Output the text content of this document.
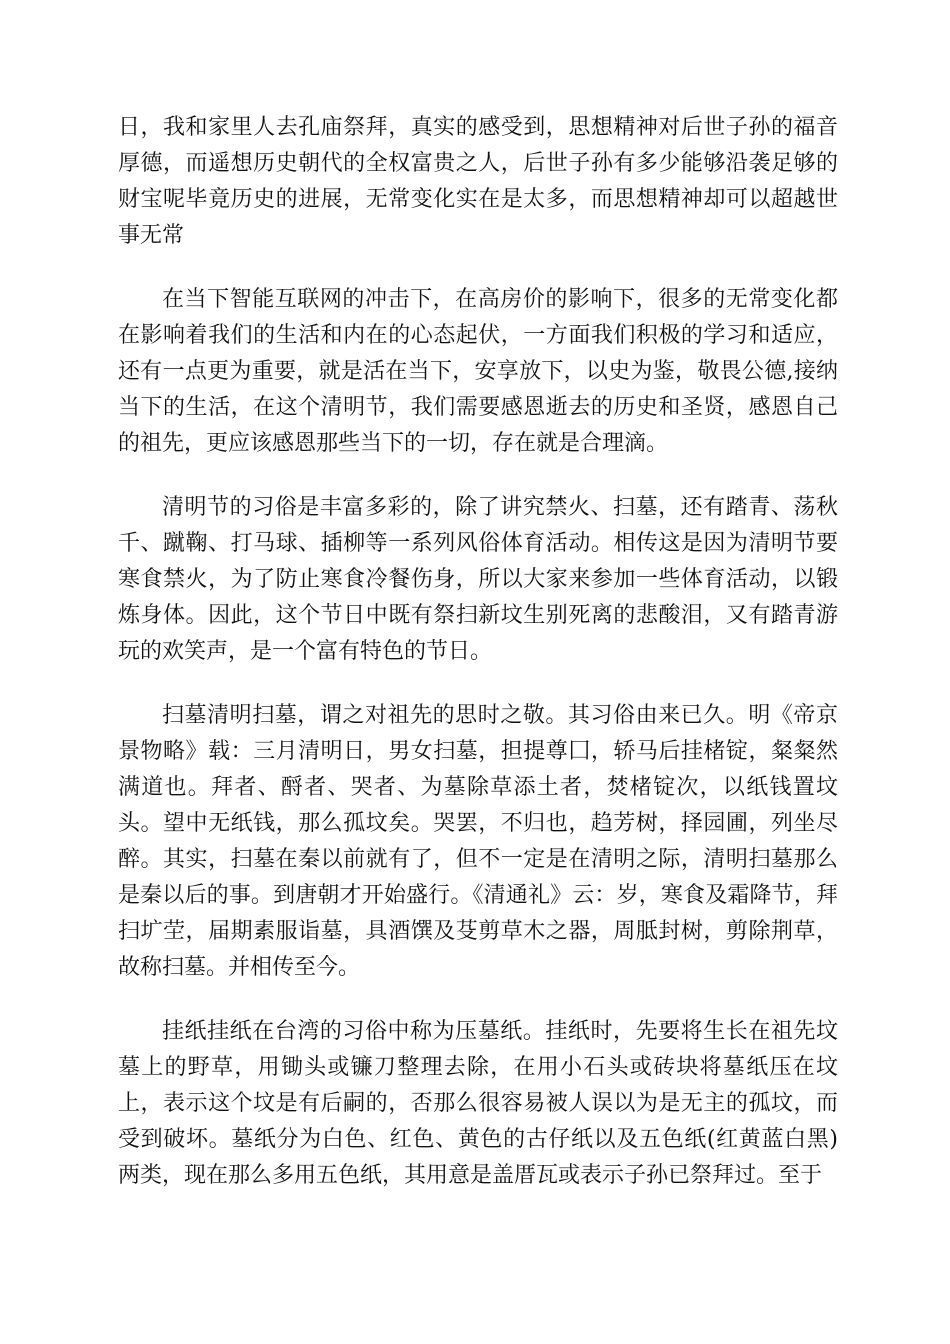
日，我和家里人去孔庙祭拜，真实的感受到，思想精神对后世子孙的福音厚德，而遥想历史朝代的全权富贵之人，后世子孙有多少能够沿袭足够的财宝呢毕竟历史的进展，无常变化实在是太多，而思想精神却可以超越世事无常

在当下智能互联网的冲击下，在高房价的影响下，很多的无常变化都在影响着我们的生活和内在的心态起伏，一方面我们积极的学习和适应，还有一点更为重要，就是活在当下，安享放下，以史为鉴，敬畏公德,接纳当下的生活，在这个清明节，我们需要感恩逝去的历史和圣贤，感恩自己的祖先，更应该感恩那些当下的一切，存在就是合理滴。

清明节的习俗是丰富多彩的，除了讲究禁火、扫墓，还有踏青、荡秋千、蹴鞠、打马球、插柳等一系列风俗体育活动。相传这是因为清明节要寒食禁火，为了防止寒食冷餐伤身，所以大家来参加一些体育活动，以锻炼身体。因此，这个节日中既有祭扫新坟生别死离的悲酸泪，又有踏青游玩的欢笑声，是一个富有特色的节日。

扫墓清明扫墓，谓之对祖先的思时之敬。其习俗由来已久。明《帝京景物略》载：三月清明日，男女扫墓，担提尊囗，轿马后挂楮锭，粲粲然满道也。拜者、酹者、哭者、为墓除草添土者，焚楮锭次，以纸钱置坟头。望中无纸钱，那么孤坟矣。哭罢，不归也，趋芳树，择园圃，列坐尽醉。其实，扫墓在秦以前就有了，但不一定是在清明之际，清明扫墓那么是秦以后的事。到唐朝才开始盛行。《清通礼》云：岁，寒食及霜降节，拜扫圹茔，届期素服诣墓，具酒馔及芟剪草木之器，周胝封树，剪除荆草，故称扫墓。并相传至今。

挂纸挂纸在台湾的习俗中称为压墓纸。挂纸时，先要将生长在祖先坟墓上的野草，用锄头或镰刀整理去除，在用小石头或砖块将墓纸压在坟上，表示这个坟是有后嗣的，否那么很容易被人误以为是无主的孤坟，而受到破坏。墓纸分为白色、红色、黄色的古仔纸以及五色纸(红黄蓝白黑)两类，现在那么多用五色纸，其用意是盖厝瓦或表示子孙已祭拜过。至于
